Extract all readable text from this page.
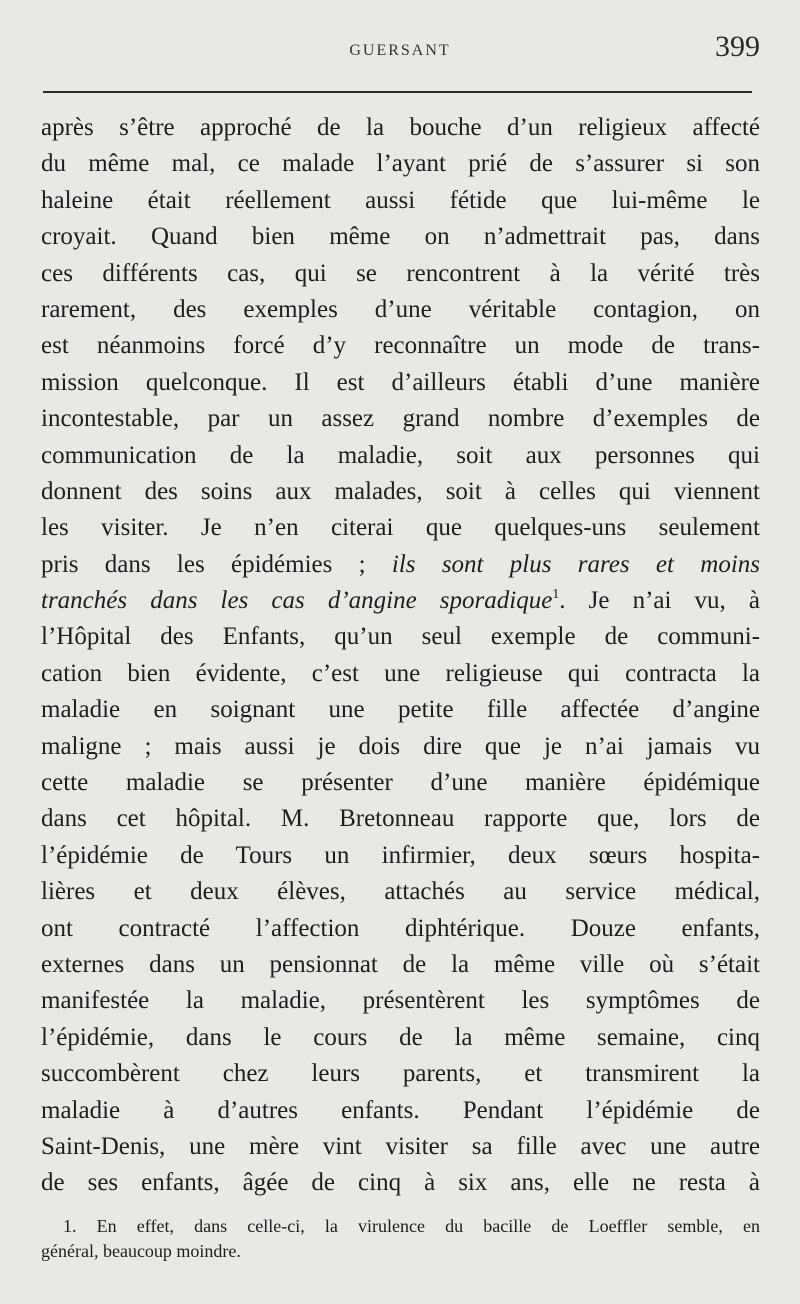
GUERSANT	399
après s’être approché de la bouche d’un religieux affecté
du même mal, ce malade l’ayant prié de s’assurer si son
haleine était réellement aussi fétide que lui-même le
croyait. Quand bien même on n’admettrait pas, dans
ces différents cas, qui se rencontrent à la vérité très
rarement, des exemples d’une véritable contagion, on
est néanmoins forcé d’y reconnaître un mode de trans-
mission quelconque. Il est d’ailleurs établi d’une manière
incontestable, par un assez grand nombre d’exemples de
communication de la maladie, soit aux personnes qui
donnent des soins aux malades, soit à celles qui viennent
les visiter. Je n’en citerai que quelques-uns seulement
pris dans les épidémies ; ils sont plus rares et moins
tranchés dans les cas d’angine sporadique$^1$. Je n’ai vu, à
l’Hôpital des Enfants, qu’un seul exemple de communi-
cation bien évidente, c’est une religieuse qui contracta la
maladie en soignant une petite fille affectée d’angine
maligne ; mais aussi je dois dire que je n’ai jamais vu
cette maladie se présenter d’une manière épidémique
dans cet hôpital. M. Bretonneau rapporte que, lors de
l’épidémie de Tours un infirmier, deux sœurs hospita-
lières et deux élèves, attachés au service médical,
ont contracté l’affection diphtérique. Douze enfants,
externes dans un pensionnat de la même ville où s’était
manifestée la maladie, présentèrent les symptômes de
l’épidémie, dans le cours de la même semaine, cinq
succombèrent chez leurs parents, et transmirent la
maladie à d’autres enfants. Pendant l’épidémie de
Saint-Denis, une mère vint visiter sa fille avec une autre
de ses enfants, âgée de cinq à six ans, elle ne resta à
1. En effet, dans celle-ci, la virulence du bacille de Loeffler semble, en
général, beaucoup moindre.
